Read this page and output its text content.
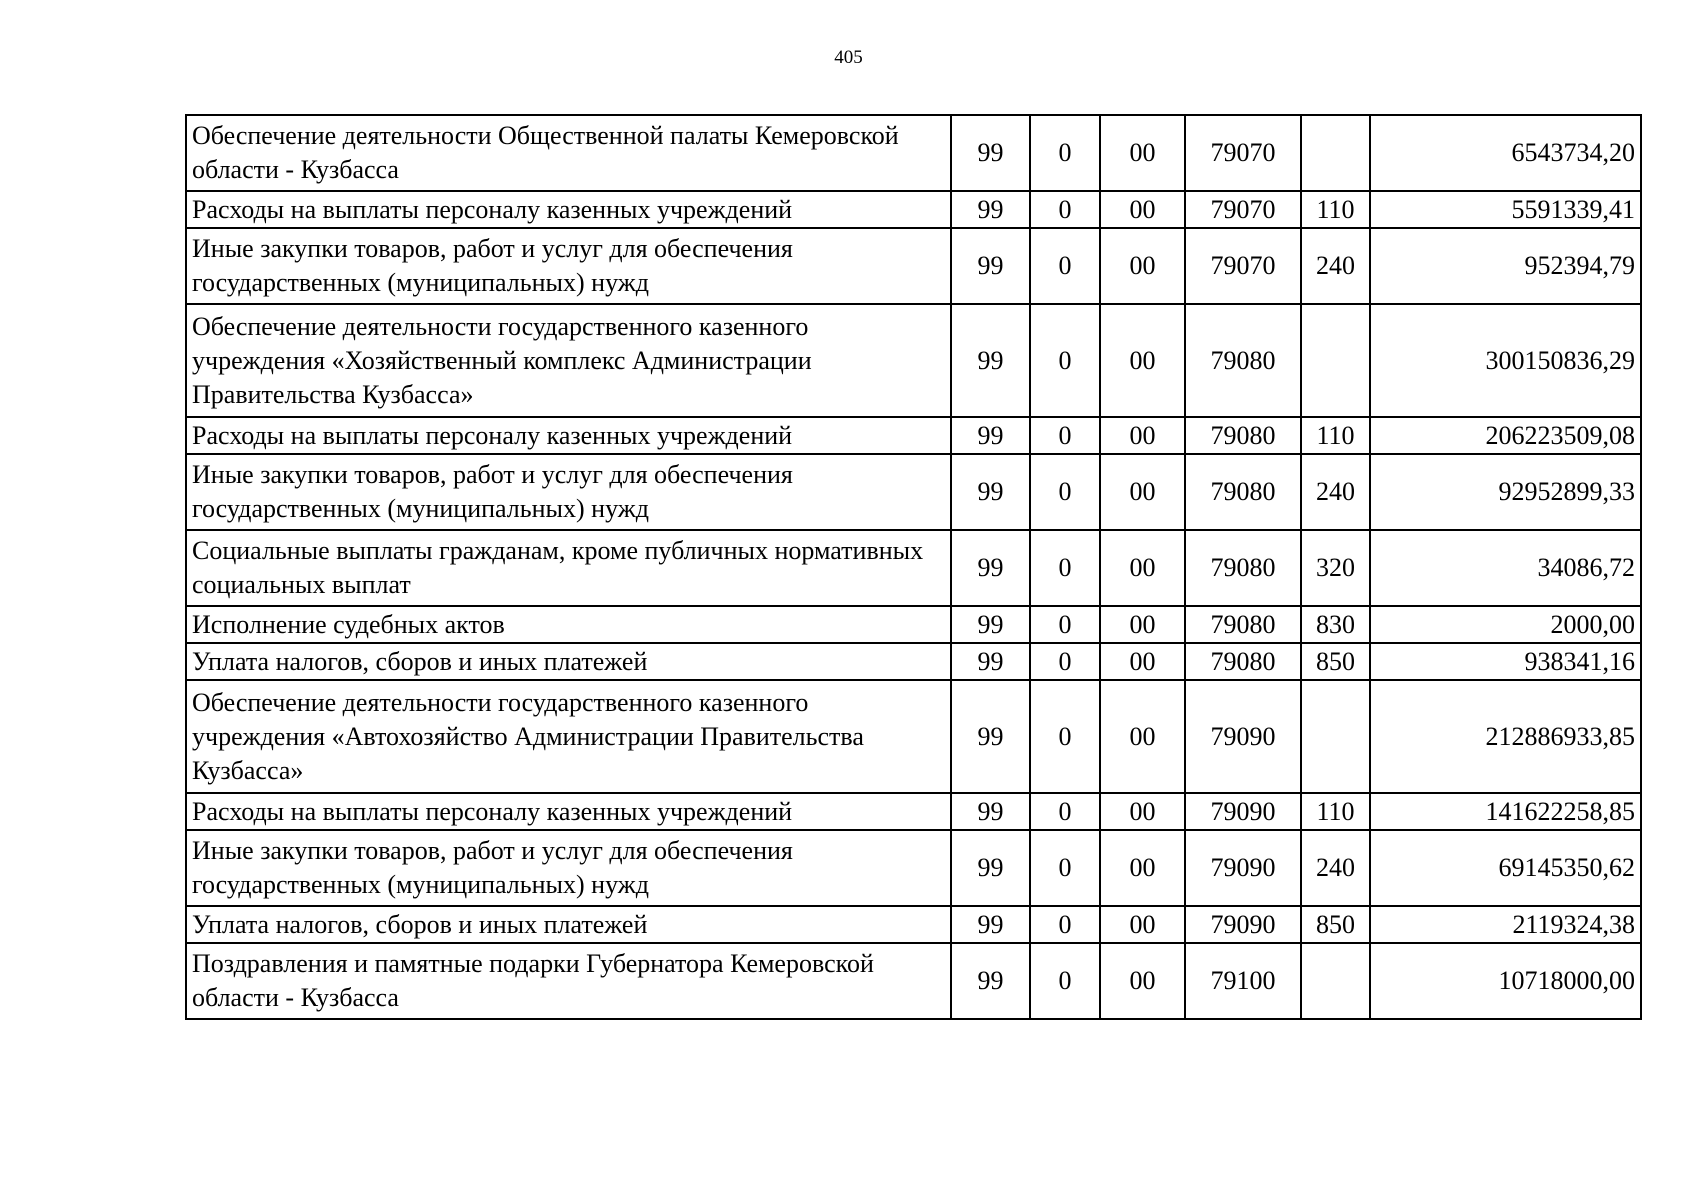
405
Обеспечение деятельности Общественной палаты Кемеровской области - Кузбасса	99	0	00	79070		6543734,20
Расходы на выплаты персоналу казенных учреждений	99	0	00	79070	110	5591339,41
Иные закупки товаров, работ и услуг для обеспечения государственных (муниципальных) нужд	99	0	00	79070	240	952394,79
Обеспечение деятельности государственного казенного учреждения «Хозяйственный комплекс Администрации Правительства Кузбасса»	99	0	00	79080		300150836,29
Расходы на выплаты персоналу казенных учреждений	99	0	00	79080	110	206223509,08
Иные закупки товаров, работ и услуг для обеспечения государственных (муниципальных) нужд	99	0	00	79080	240	92952899,33
Социальные выплаты гражданам, кроме публичных нормативных социальных выплат	99	0	00	79080	320	34086,72
Исполнение судебных актов	99	0	00	79080	830	2000,00
Уплата налогов, сборов и иных платежей	99	0	00	79080	850	938341,16
Обеспечение деятельности государственного казенного учреждения «Автохозяйство Администрации Правительства Кузбасса»	99	0	00	79090		212886933,85
Расходы на выплаты персоналу казенных учреждений	99	0	00	79090	110	141622258,85
Иные закупки товаров, работ и услуг для обеспечения государственных (муниципальных) нужд	99	0	00	79090	240	69145350,62
Уплата налогов, сборов и иных платежей	99	0	00	79090	850	2119324,38
Поздравления и памятные подарки Губернатора Кемеровской области - Кузбасса	99	0	00	79100		10718000,00
